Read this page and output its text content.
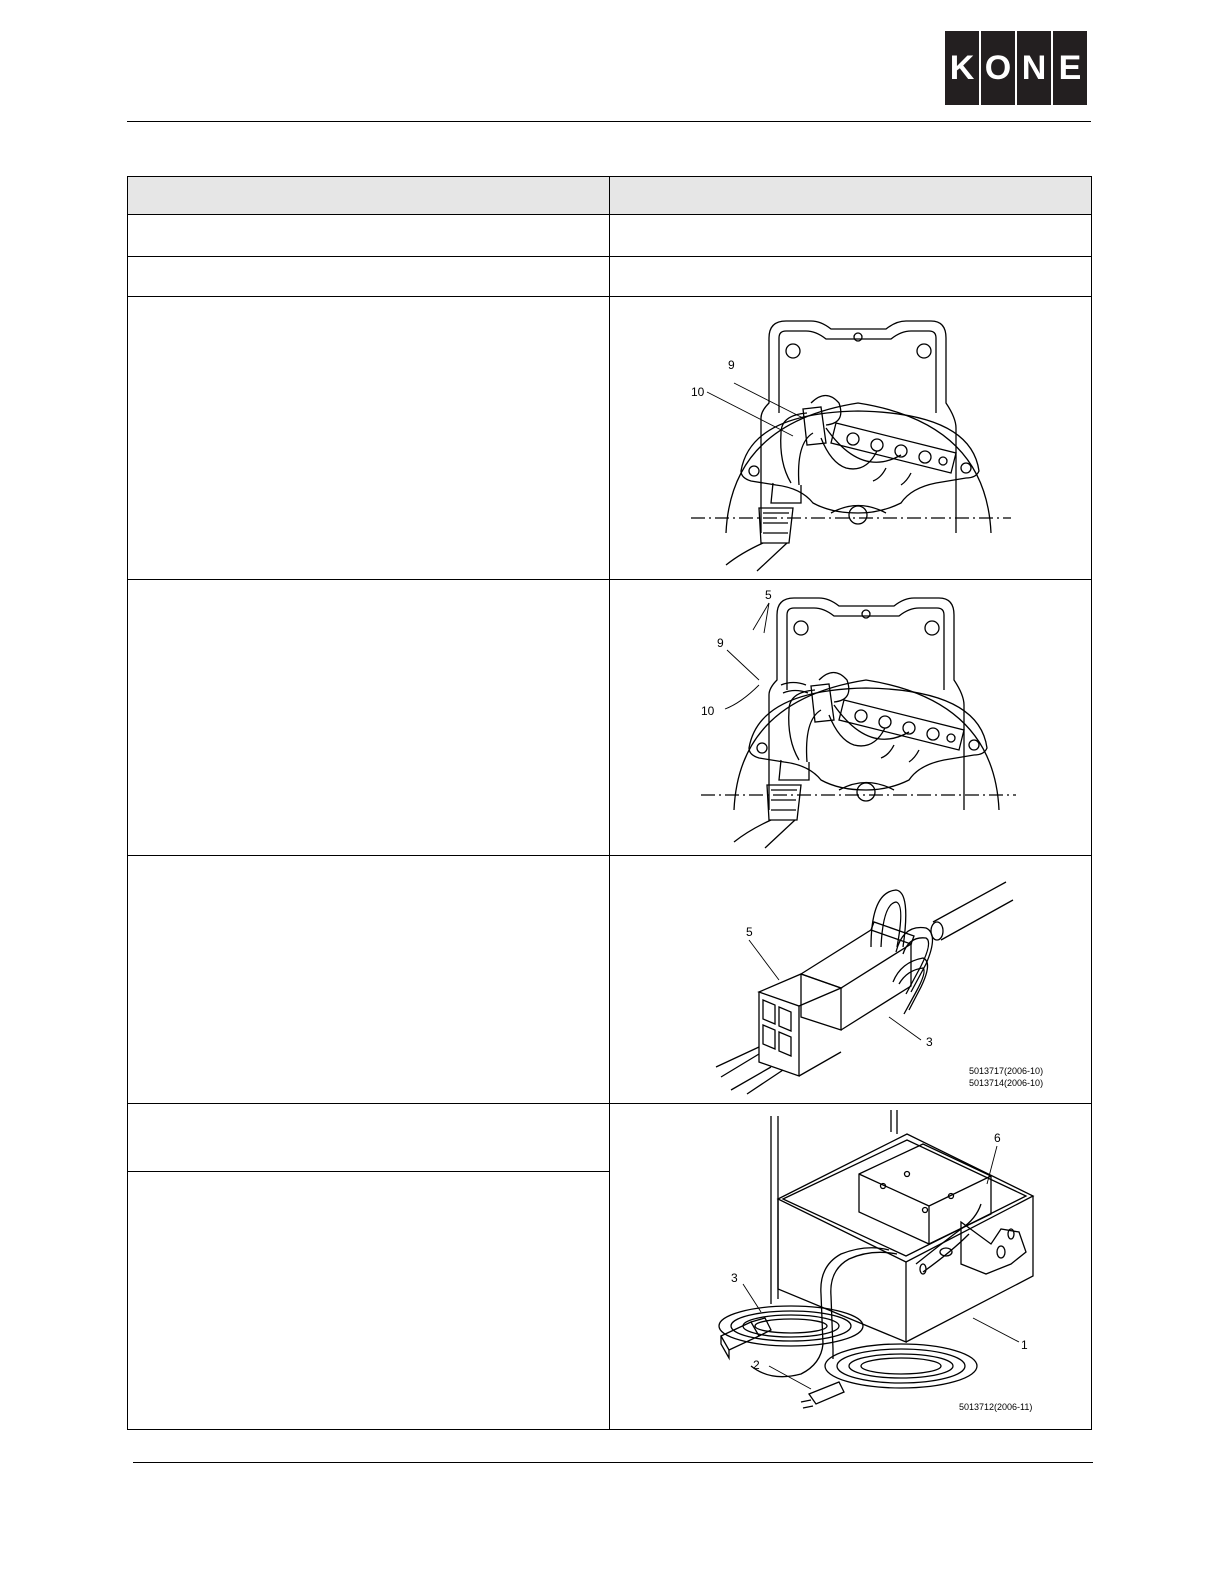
K O N E

9
10

5
9
10

5
3
5013717(2006-10)
5013714(2006-10)

6
3
2
1
5013712(2006-11)
